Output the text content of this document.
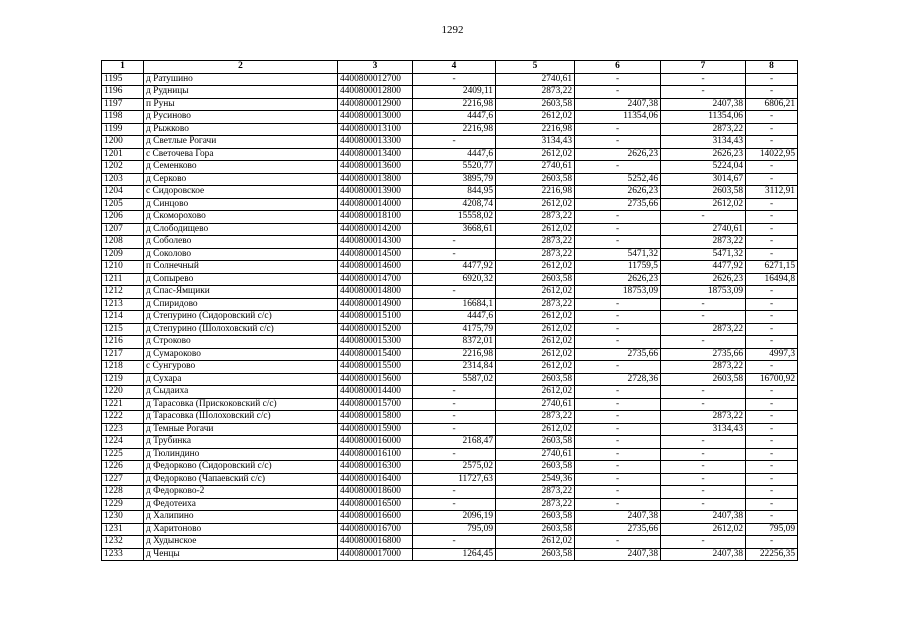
1292
1	2	3	4	5	6	7	8
1195	д Ратушино	4400800012700	-	2740,61	-	-	-
1196	д Рудницы	4400800012800	2409,11	2873,22	-	-	-
1197	п Руны	4400800012900	2216,98	2603,58	2407,38	2407,38	6806,21
1198	д Русиново	4400800013000	4447,6	2612,02	11354,06	11354,06	-
1199	д Рыжково	4400800013100	2216,98	2216,98	-	2873,22	-
1200	д Светлые Рогачи	4400800013300	-	3134,43	-	3134,43	-
1201	с Светочева Гора	4400800013400	4447,6	2612,02	2626,23	2626,23	14022,95
1202	д Семенково	4400800013600	5520,77	2740,61	-	5224,04	-
1203	д Серково	4400800013800	3895,79	2603,58	5252,46	3014,67	-
1204	с Сидоровское	4400800013900	844,95	2216,98	2626,23	2603,58	3112,91
1205	д Синцово	4400800014000	4208,74	2612,02	2735,66	2612,02	-
1206	д Скоморохово	4400800018100	15558,02	2873,22	-	-	-
1207	д Слободищево	4400800014200	3668,61	2612,02	-	2740,61	-
1208	д Соболево	4400800014300	-	2873,22	-	2873,22	-
1209	д Соколово	4400800014500	-	2873,22	5471,32	5471,32	-
1210	п Солнечный	4400800014600	4477,92	2612,02	11759,5	4477,92	6271,15
1211	д Сопырево	4400800014700	6920,32	2603,58	2626,23	2626,23	16494,8
1212	д Спас-Ямщики	4400800014800	-	2612,02	18753,09	18753,09	-
1213	д Спиридово	4400800014900	16684,1	2873,22	-	-	-
1214	д Степурино (Сидоровский с/с)	4400800015100	4447,6	2612,02	-	-	-
1215	д Степурино (Шолоховский с/с)	4400800015200	4175,79	2612,02	-	2873,22	-
1216	д Строково	4400800015300	8372,01	2612,02	-	-	-
1217	д Сумароково	4400800015400	2216,98	2612,02	2735,66	2735,66	4997,3
1218	с Сунгурово	4400800015500	2314,84	2612,02	-	2873,22	-
1219	д Сухара	4400800015600	5587,02	2603,58	2728,36	2603,58	16700,92
1220	д Сыдаиха	4400800014400	-	2612,02	-	-	-
1221	д Тарасовка (Прискоковский с/с)	4400800015700	-	2740,61	-	-	-
1222	д Тарасовка (Шолоховский с/с)	4400800015800	-	2873,22	-	2873,22	-
1223	д Темные Рогачи	4400800015900	-	2612,02	-	3134,43	-
1224	д Трубинка	4400800016000	2168,47	2603,58	-	-	-
1225	д Тюлиндино	4400800016100	-	2740,61	-	-	-
1226	д Федорково (Сидоровский с/с)	4400800016300	2575,02	2603,58	-	-	-
1227	д Федорково (Чапаевский с/с)	4400800016400	11727,63	2549,36	-	-	-
1228	д Федорково-2	4400800018600	-	2873,22	-	-	-
1229	д Федотеиха	4400800016500	-	2873,22	-	-	-
1230	д Халипино	4400800016600	2096,19	2603,58	2407,38	2407,38	-
1231	д Харитоново	4400800016700	795,09	2603,58	2735,66	2612,02	795,09
1232	д Худынское	4400800016800	-	2612,02	-	-	-
1233	д Ченцы	4400800017000	1264,45	2603,58	2407,38	2407,38	22256,35
